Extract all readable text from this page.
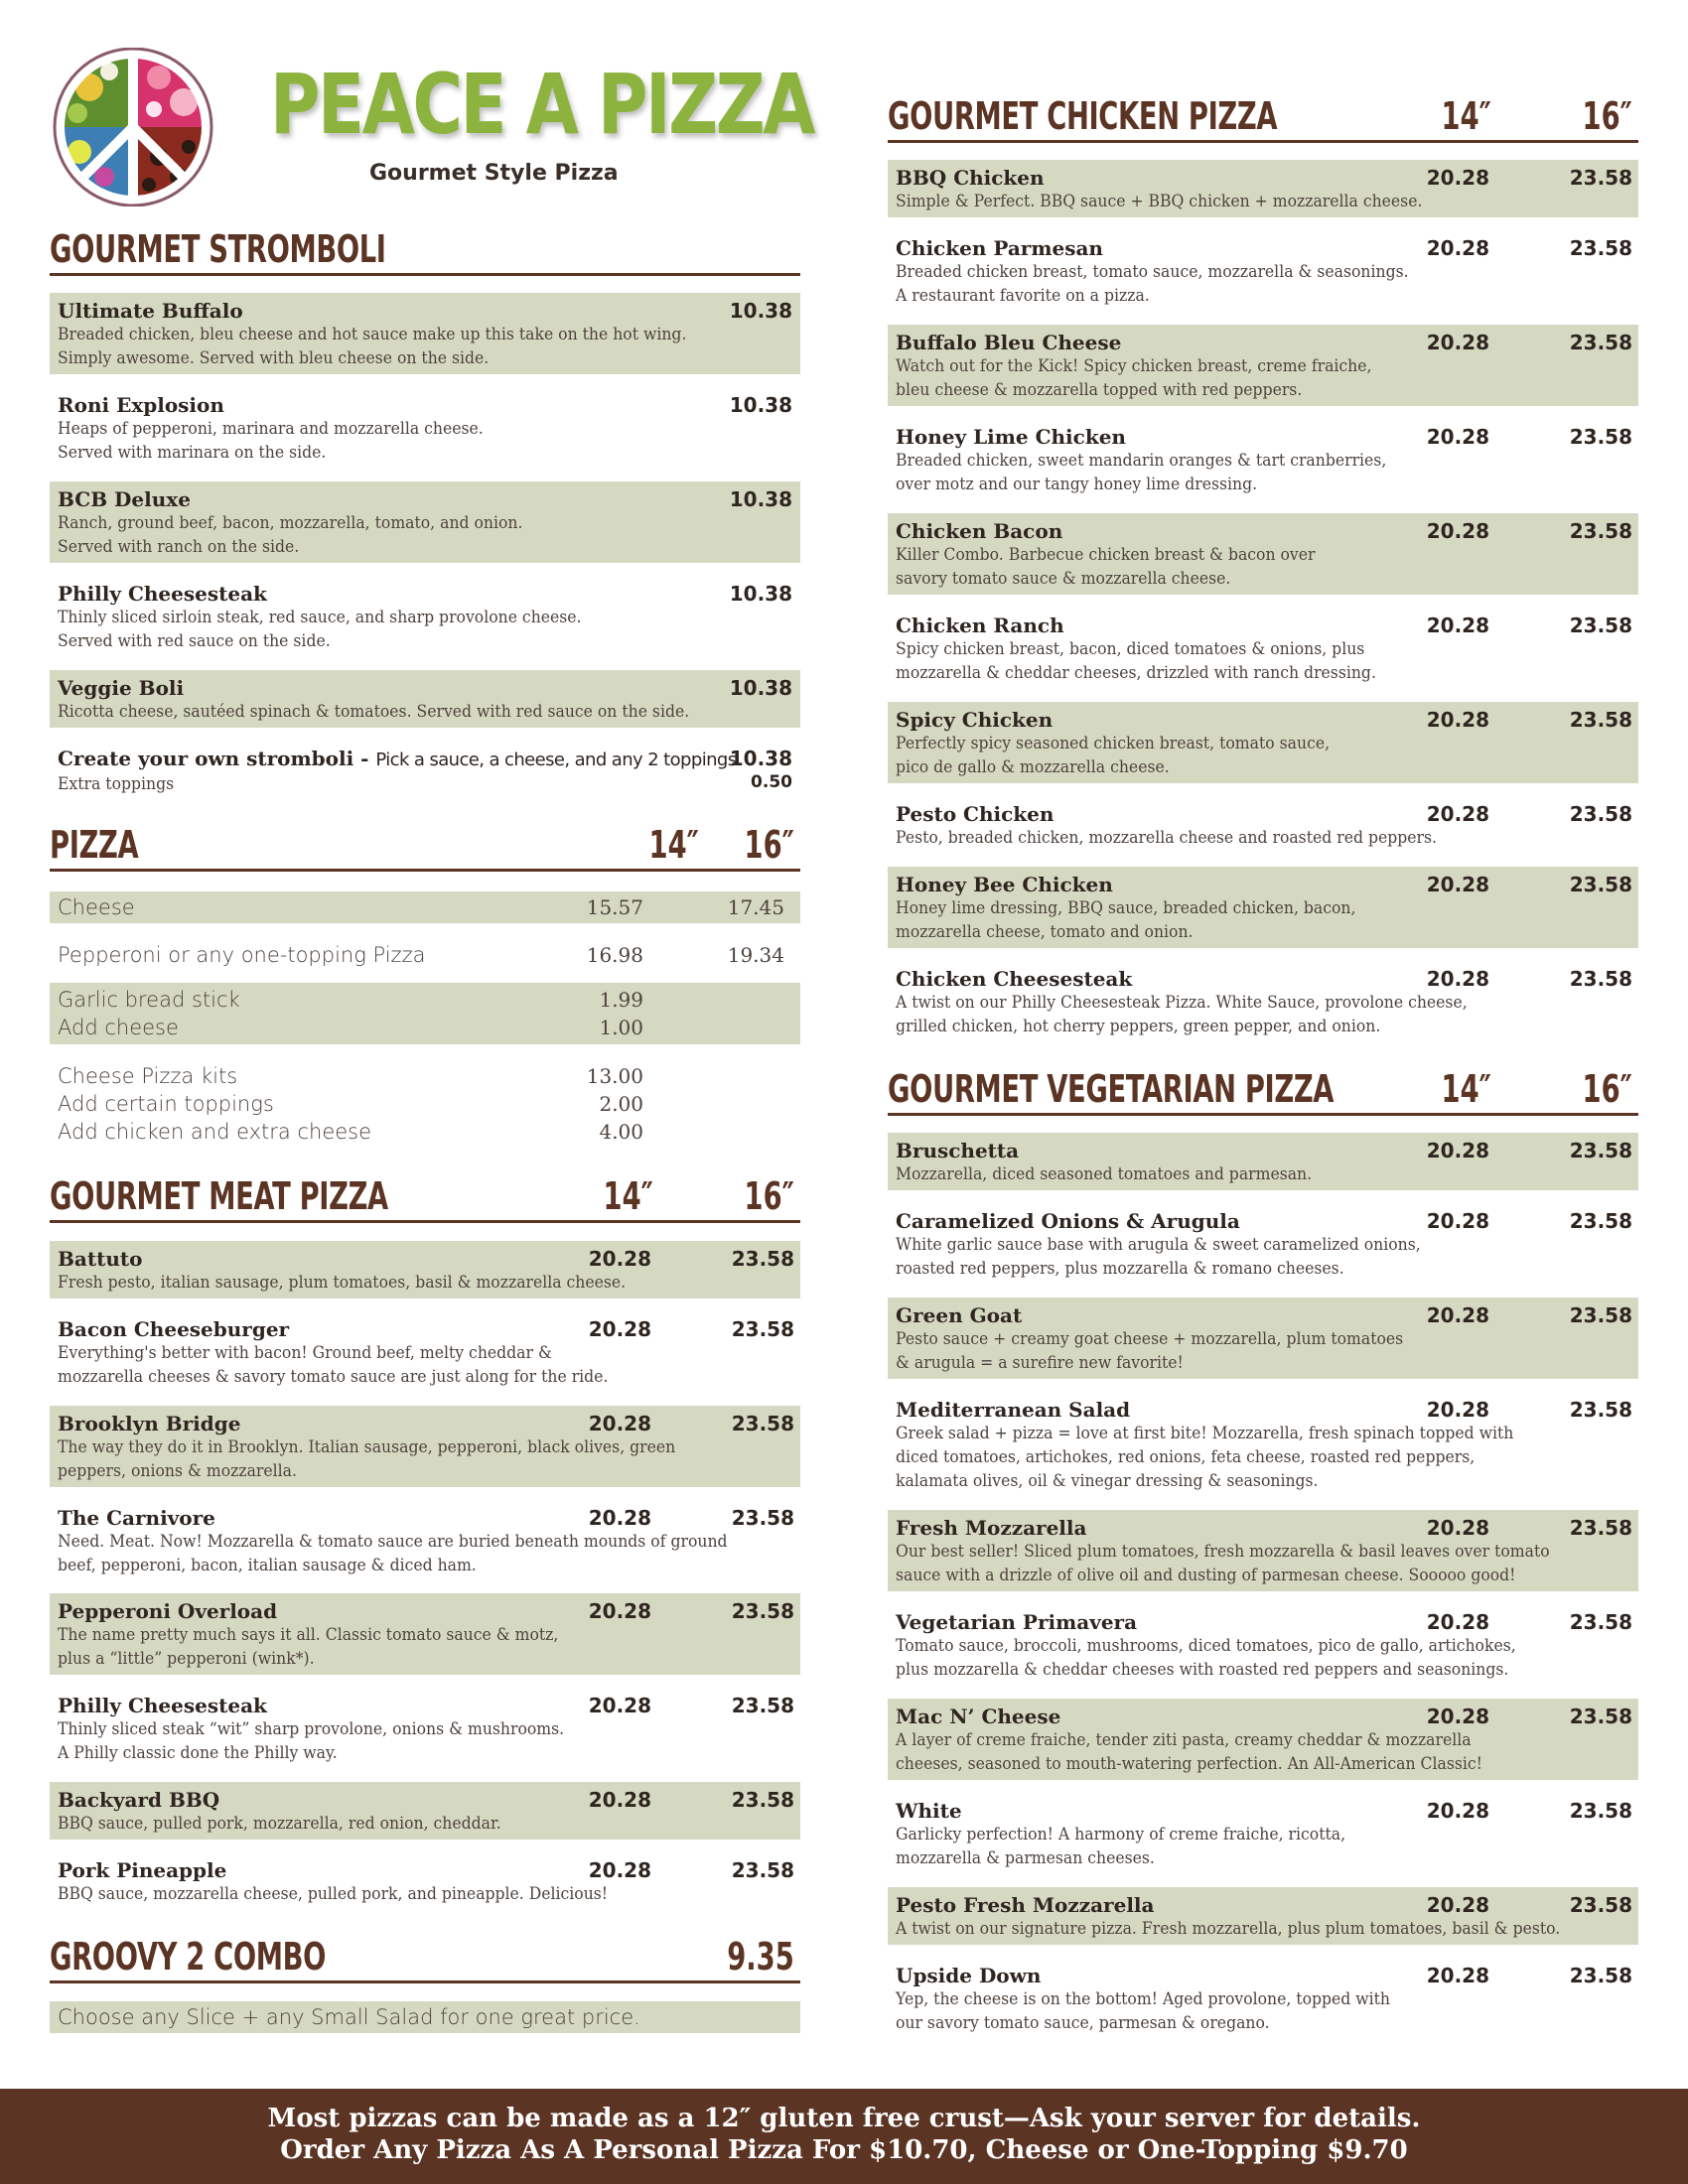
PEACE A PIZZA
Gourmet Style Pizza
GOURMET STROMBOLI
Ultimate Buffalo
Breaded chicken, bleu cheese and hot sauce make up this take on the hot wing.
Simply awesome. Served with bleu cheese on the side.
10.38
Roni Explosion
Heaps of pepperoni, marinara and mozzarella cheese.
Served with marinara on the side.
10.38
BCB Deluxe
Ranch, ground beef, bacon, mozzarella, tomato, and onion.
Served with ranch on the side.
10.38
Philly Cheesesteak
Thinly sliced sirloin steak, red sauce, and sharp provolone cheese.
Served with red sauce on the side.
10.38
Veggie Boli
Ricotta cheese, sautéed spinach & tomatoes. Served with red sauce on the side.
10.38
Create your own stromboli - Pick a sauce, a cheese, and any 2 toppings
Extra toppings
10.38
0.50
PIZZA	14″ 16″
Cheese	15.57	17.45
Pepperoni or any one-topping Pizza	16.98	19.34
Garlic bread stick	1.99
Add cheese	1.00
Cheese Pizza kits	13.00
Add certain toppings	2.00
Add chicken and extra cheese	4.00
GOURMET MEAT PIZZA	14″ 16″
Battuto
Fresh pesto, italian sausage, plum tomatoes, basil & mozzarella cheese.
20.28	23.58
Bacon Cheeseburger
Everything's better with bacon! Ground beef, melty cheddar &
mozzarella cheeses & savory tomato sauce are just along for the ride.
20.28	23.58
Brooklyn Bridge
The way they do it in Brooklyn. Italian sausage, pepperoni, black olives, green
peppers, onions & mozzarella.
20.28	23.58
The Carnivore
Need. Meat. Now! Mozzarella & tomato sauce are buried beneath mounds of ground
beef, pepperoni, bacon, italian sausage & diced ham.
20.28	23.58
Pepperoni Overload
The name pretty much says it all. Classic tomato sauce & motz,
plus a “little” pepperoni (wink*).
20.28	23.58
Philly Cheesesteak
Thinly sliced steak “wit” sharp provolone, onions & mushrooms.
A Philly classic done the Philly way.
20.28	23.58
Backyard BBQ
BBQ sauce, pulled pork, mozzarella, red onion, cheddar.
20.28	23.58
Pork Pineapple
BBQ sauce, mozzarella cheese, pulled pork, and pineapple. Delicious!
20.28	23.58
GROOVY 2 COMBO	9.35
Choose any Slice + any Small Salad for one great price.
GOURMET CHICKEN PIZZA	14″ 16″
BBQ Chicken
Simple & Perfect. BBQ sauce + BBQ chicken + mozzarella cheese.
20.28	23.58
Chicken Parmesan
Breaded chicken breast, tomato sauce, mozzarella & seasonings.
A restaurant favorite on a pizza.
20.28	23.58
Buffalo Bleu Cheese
Watch out for the Kick! Spicy chicken breast, creme fraiche,
bleu cheese & mozzarella topped with red peppers.
20.28	23.58
Honey Lime Chicken
Breaded chicken, sweet mandarin oranges & tart cranberries,
over motz and our tangy honey lime dressing.
20.28	23.58
Chicken Bacon
Killer Combo. Barbecue chicken breast & bacon over
savory tomato sauce & mozzarella cheese.
20.28	23.58
Chicken Ranch
Spicy chicken breast, bacon, diced tomatoes & onions, plus
mozzarella & cheddar cheeses, drizzled with ranch dressing.
20.28	23.58
Spicy Chicken
Perfectly spicy seasoned chicken breast, tomato sauce,
pico de gallo & mozzarella cheese.
20.28	23.58
Pesto Chicken
Pesto, breaded chicken, mozzarella cheese and roasted red peppers.
20.28	23.58
Honey Bee Chicken
Honey lime dressing, BBQ sauce, breaded chicken, bacon,
mozzarella cheese, tomato and onion.
20.28	23.58
Chicken Cheesesteak
A twist on our Philly Cheesesteak Pizza. White Sauce, provolone cheese,
grilled chicken, hot cherry peppers, green pepper, and onion.
20.28	23.58
GOURMET VEGETARIAN PIZZA	14″ 16″
Bruschetta
Mozzarella, diced seasoned tomatoes and parmesan.
20.28	23.58
Caramelized Onions & Arugula
White garlic sauce base with arugula & sweet caramelized onions,
roasted red peppers, plus mozzarella & romano cheeses.
20.28	23.58
Green Goat
Pesto sauce + creamy goat cheese + mozzarella, plum tomatoes
& arugula = a surefire new favorite!
20.28	23.58
Mediterranean Salad
Greek salad + pizza = love at first bite! Mozzarella, fresh spinach topped with
diced tomatoes, artichokes, red onions, feta cheese, roasted red peppers,
kalamata olives, oil & vinegar dressing & seasonings.
20.28	23.58
Fresh Mozzarella
Our best seller! Sliced plum tomatoes, fresh mozzarella & basil leaves over tomato
sauce with a drizzle of olive oil and dusting of parmesan cheese. Sooooo good!
20.28	23.58
Vegetarian Primavera
Tomato sauce, broccoli, mushrooms, diced tomatoes, pico de gallo, artichokes,
plus mozzarella & cheddar cheeses with roasted red peppers and seasonings.
20.28	23.58
Mac N’ Cheese
A layer of creme fraiche, tender ziti pasta, creamy cheddar & mozzarella
cheeses, seasoned to mouth-watering perfection. An All-American Classic!
20.28	23.58
White
Garlicky perfection! A harmony of creme fraiche, ricotta,
mozzarella & parmesan cheeses.
20.28	23.58
Pesto Fresh Mozzarella
A twist on our signature pizza. Fresh mozzarella, plus plum tomatoes, basil & pesto.
20.28	23.58
Upside Down
Yep, the cheese is on the bottom! Aged provolone, topped with
our savory tomato sauce, parmesan & oregano.
20.28	23.58
Most pizzas can be made as a 12″ gluten free crust—Ask your server for details.
Order Any Pizza As A Personal Pizza For $10.70, Cheese or One-Topping $9.70
